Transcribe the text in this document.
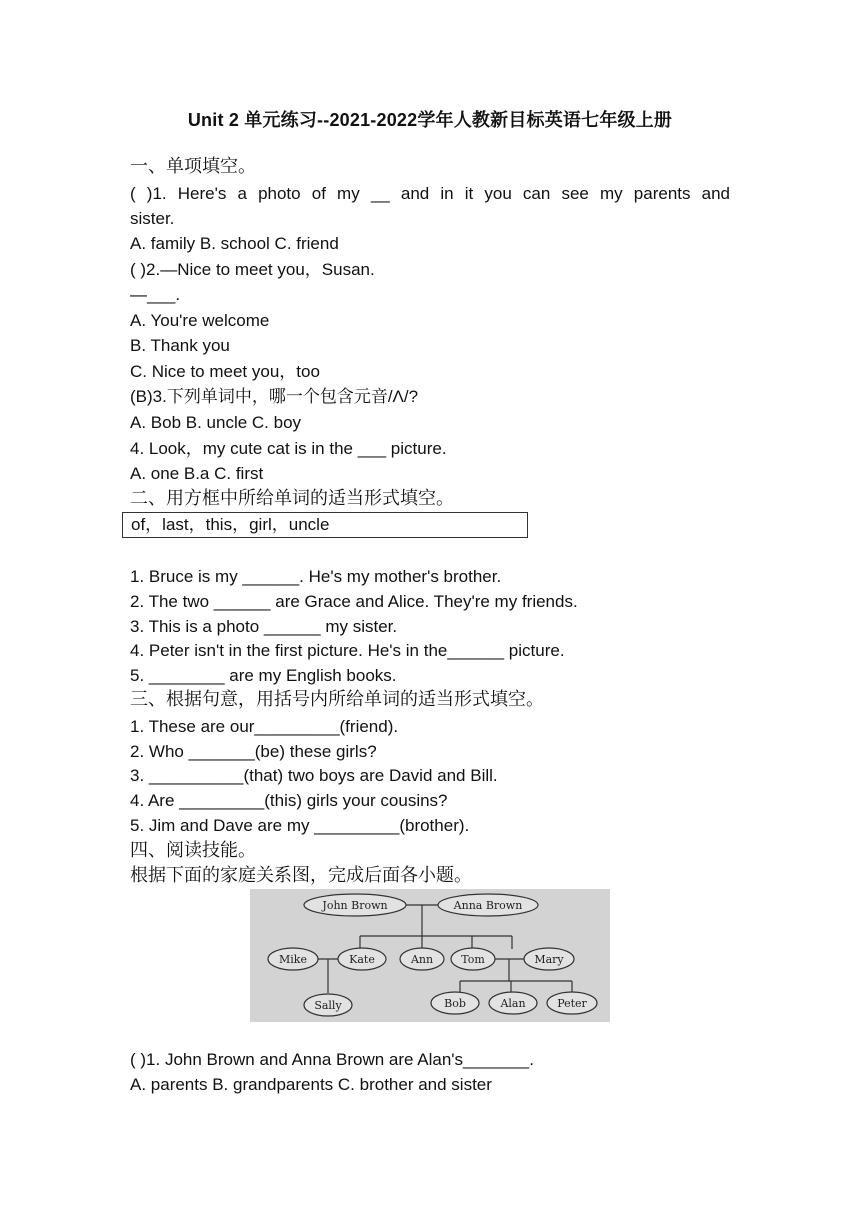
Unit 2 单元练习--2021-2022学年人教新目标英语七年级上册
一、单项填空。
( )1. Here's a photo of my __ and in it you can see my parents and
sister.
A. family B. school C. friend
( )2.—Nice to meet you，Susan.
—___.
A. You're welcome
B. Thank you
C. Nice to meet you，too
(B)3.下列单词中，哪一个包含元音/Λ/?
A. Bob B. uncle C. boy
4. Look，my cute cat is in the ___ picture.
A. one B.a C. first
二、用方框中所给单词的适当形式填空。
of，last，this，girl，uncle
1. Bruce is my ______. He's my mother's brother.
2. The two ______ are Grace and Alice. They're my friends.
3. This is a photo ______ my sister.
4. Peter isn't in the first picture. He's in the______ picture.
5. ________ are my English books.
三、根据句意，用括号内所给单词的适当形式填空。
1. These are our_________(friend).
2. Who _______(be) these girls?
3. __________(that) two boys are David and Bill.
4. Are _________(this) girls your cousins?
5. Jim and Dave are my _________(brother).
四、阅读技能。
根据下面的家庭关系图，完成后面各小题。
John Brown	Anna Brown
Mike	Kate	Ann	Tom	Mary
Sally	Bob	Alan	Peter
( )1. John Brown and Anna Brown are Alan's_______.
A. parents B. grandparents C. brother and sister
